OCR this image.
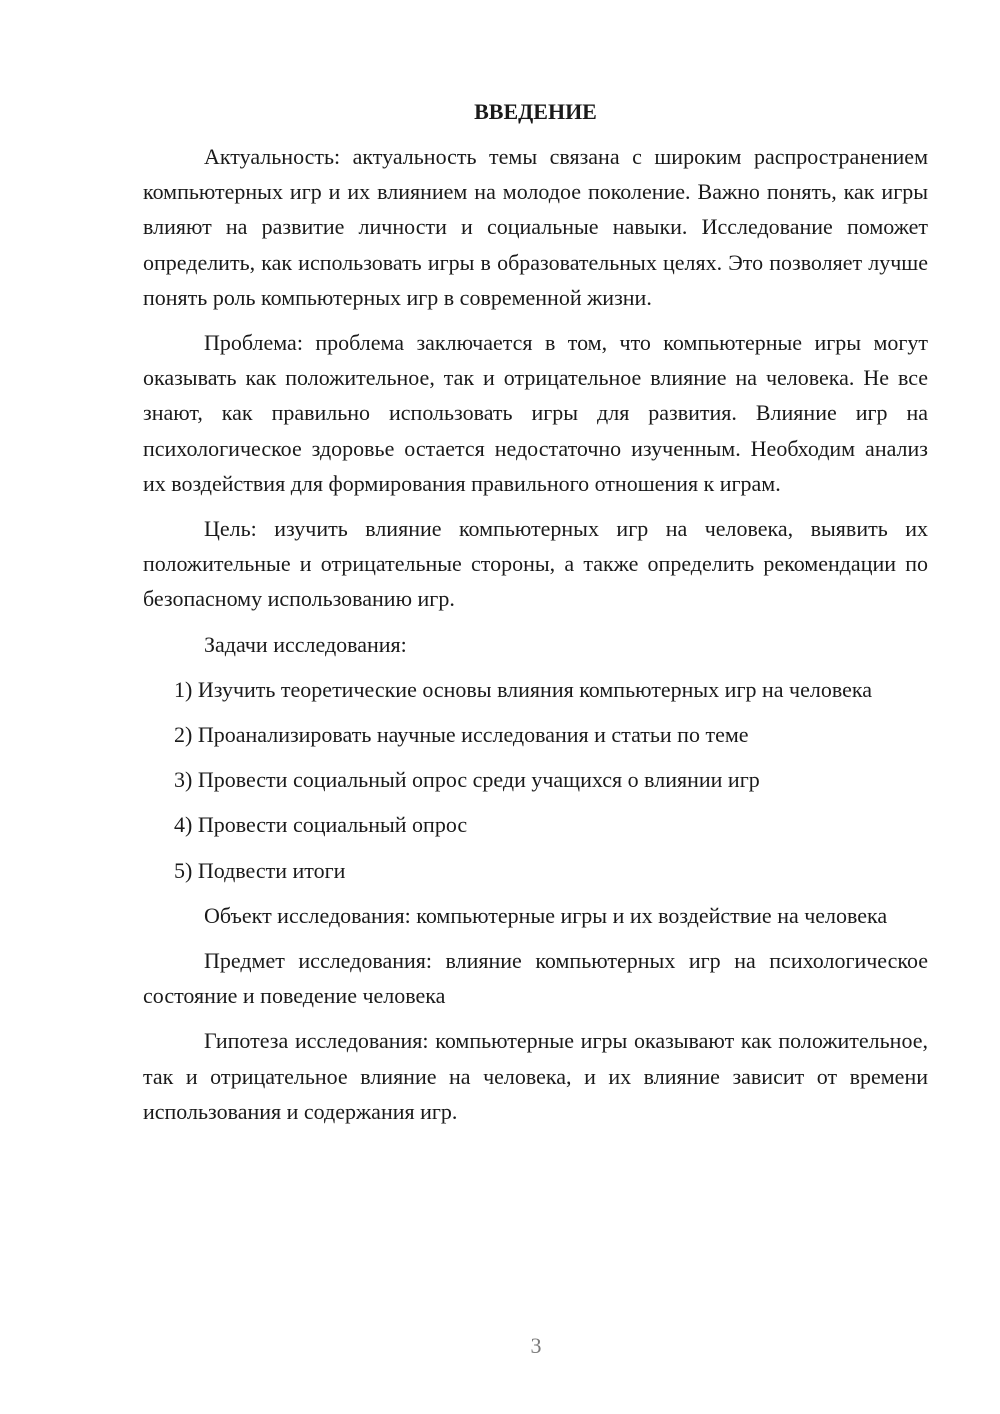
ВВЕДЕНИЕ

Актуальность: актуальность темы связана с широким распространением компьютерных игр и их влиянием на молодое поколение. Важно понять, как игры влияют на развитие личности и социальные навыки. Исследование поможет определить, как использовать игры в образовательных целях. Это позволяет лучше понять роль компьютерных игр в современной жизни.

Проблема: проблема заключается в том, что компьютерные игры могут оказывать как положительное, так и отрицательное влияние на человека. Не все знают, как правильно использовать игры для развития. Влияние игр на психологическое здоровье остается недостаточно изученным. Необходим анализ их воздействия для формирования правильного отношения к играм.

Цель: изучить влияние компьютерных игр на человека, выявить их положительные и отрицательные стороны, а также определить рекомендации по безопасному использованию игр.

Задачи исследования:

1) Изучить теоретические основы влияния компьютерных игр на человека

2) Проанализировать научные исследования и статьи по теме

3) Провести социальный опрос среди учащихся о влиянии игр

4) Провести социальный опрос

5) Подвести итоги

Объект исследования: компьютерные игры и их воздействие на человека

Предмет исследования: влияние компьютерных игр на психологическое состояние и поведение человека

Гипотеза исследования: компьютерные игры оказывают как положительное, так и отрицательное влияние на человека, и их влияние зависит от времени использования и содержания игр.

3
